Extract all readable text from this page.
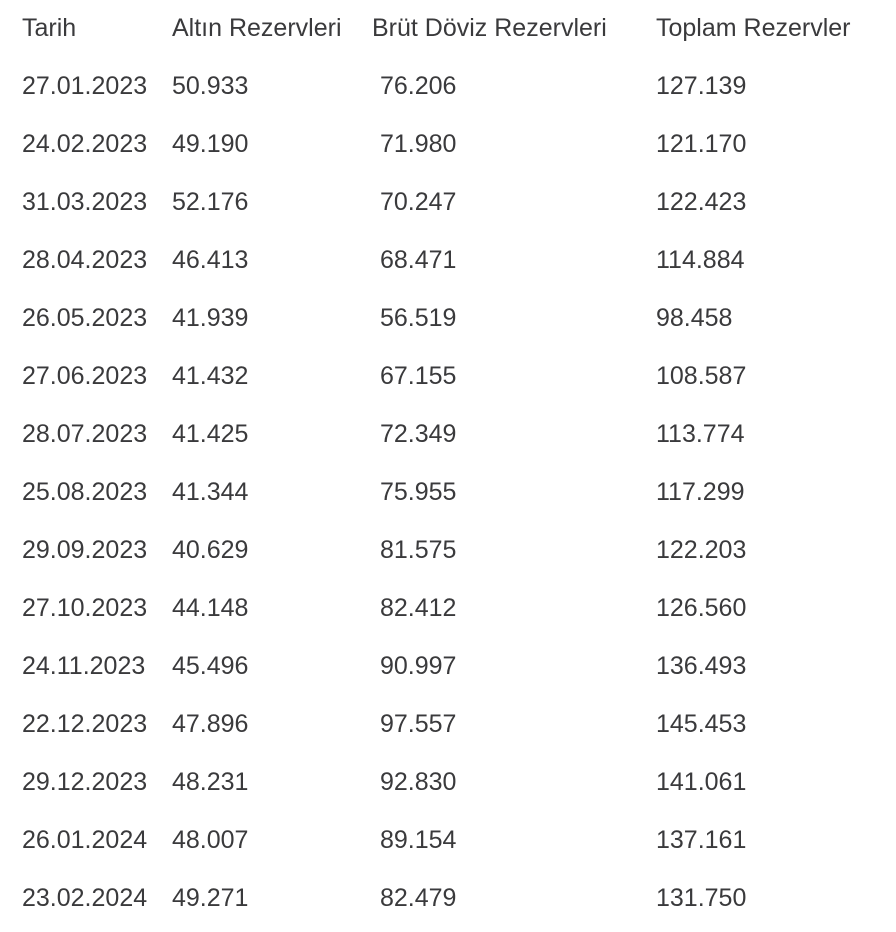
Tarih	Altın Rezervleri	Brüt Döviz Rezervleri	Toplam Rezervler
27.01.2023	50.933	76.206	127.139
24.02.2023	49.190	71.980	121.170
31.03.2023	52.176	70.247	122.423
28.04.2023	46.413	68.471	114.884
26.05.2023	41.939	56.519	98.458
27.06.2023	41.432	67.155	108.587
28.07.2023	41.425	72.349	113.774
25.08.2023	41.344	75.955	117.299
29.09.2023	40.629	81.575	122.203
27.10.2023	44.148	82.412	126.560
24.11.2023	45.496	90.997	136.493
22.12.2023	47.896	97.557	145.453
29.12.2023	48.231	92.830	141.061
26.01.2024	48.007	89.154	137.161
23.02.2024	49.271	82.479	131.750
